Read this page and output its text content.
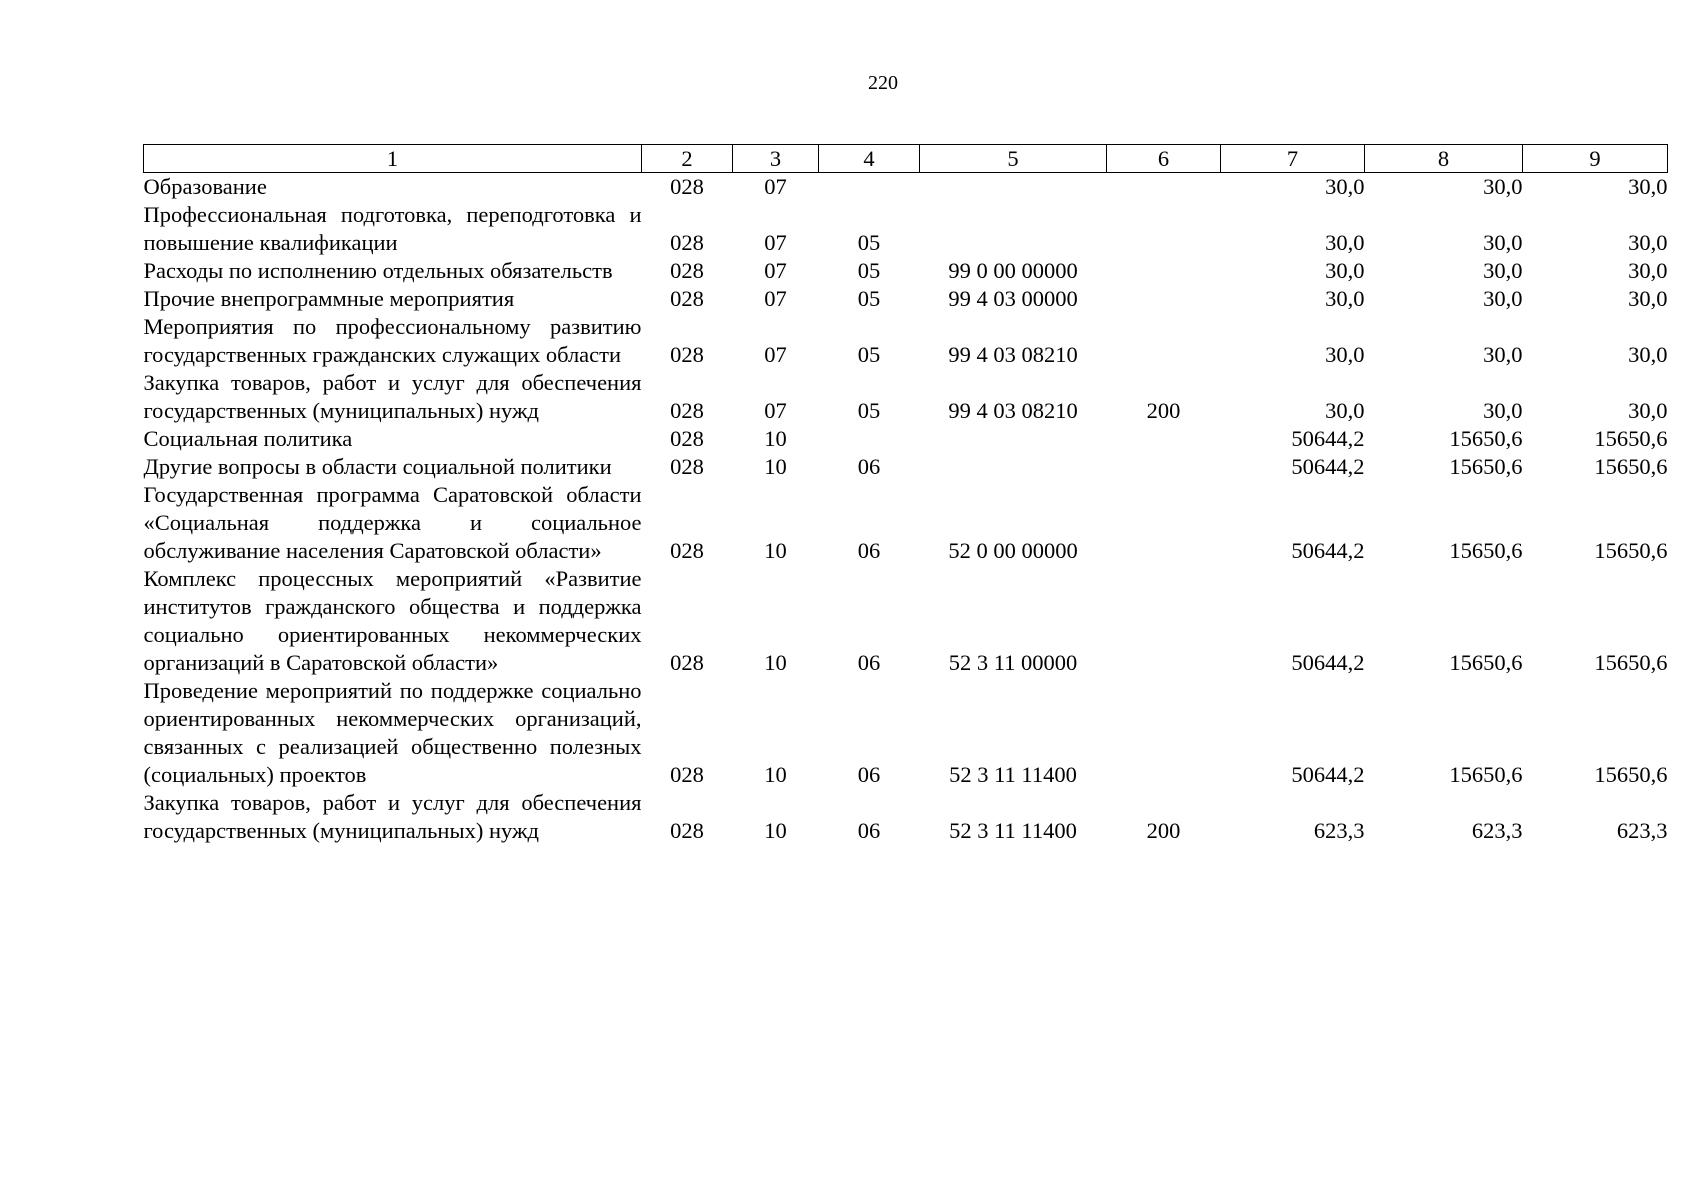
220
1	2	3	4	5	6	7	8	9
Образование	028	07				30,0	30,0	30,0
Профессиональная подготовка, переподготовка и повышение квалификации	028	07	05			30,0	30,0	30,0
Расходы по исполнению отдельных обязательств	028	07	05	99 0 00 00000		30,0	30,0	30,0
Прочие внепрограммные мероприятия	028	07	05	99 4 03 00000		30,0	30,0	30,0
Мероприятия по профессиональному развитию государственных гражданских служащих области	028	07	05	99 4 03 08210		30,0	30,0	30,0
Закупка товаров, работ и услуг для обеспечения государственных (муниципальных) нужд	028	07	05	99 4 03 08210	200	30,0	30,0	30,0
Социальная политика	028	10				50644,2	15650,6	15650,6
Другие вопросы в области социальной политики	028	10	06			50644,2	15650,6	15650,6
Государственная программа Саратовской области «Социальная поддержка и социальное обслуживание населения Саратовской области»	028	10	06	52 0 00 00000		50644,2	15650,6	15650,6
Комплекс процессных мероприятий «Развитие институтов гражданского общества и поддержка социально ориентированных некоммерческих организаций в Саратовской области»	028	10	06	52 3 11 00000		50644,2	15650,6	15650,6
Проведение мероприятий по поддержке социально ориентированных некоммерческих организаций, связанных с реализацией общественно полезных (социальных) проектов	028	10	06	52 3 11 11400		50644,2	15650,6	15650,6
Закупка товаров, работ и услуг для обеспечения государственных (муниципальных) нужд	028	10	06	52 3 11 11400	200	623,3	623,3	623,3
